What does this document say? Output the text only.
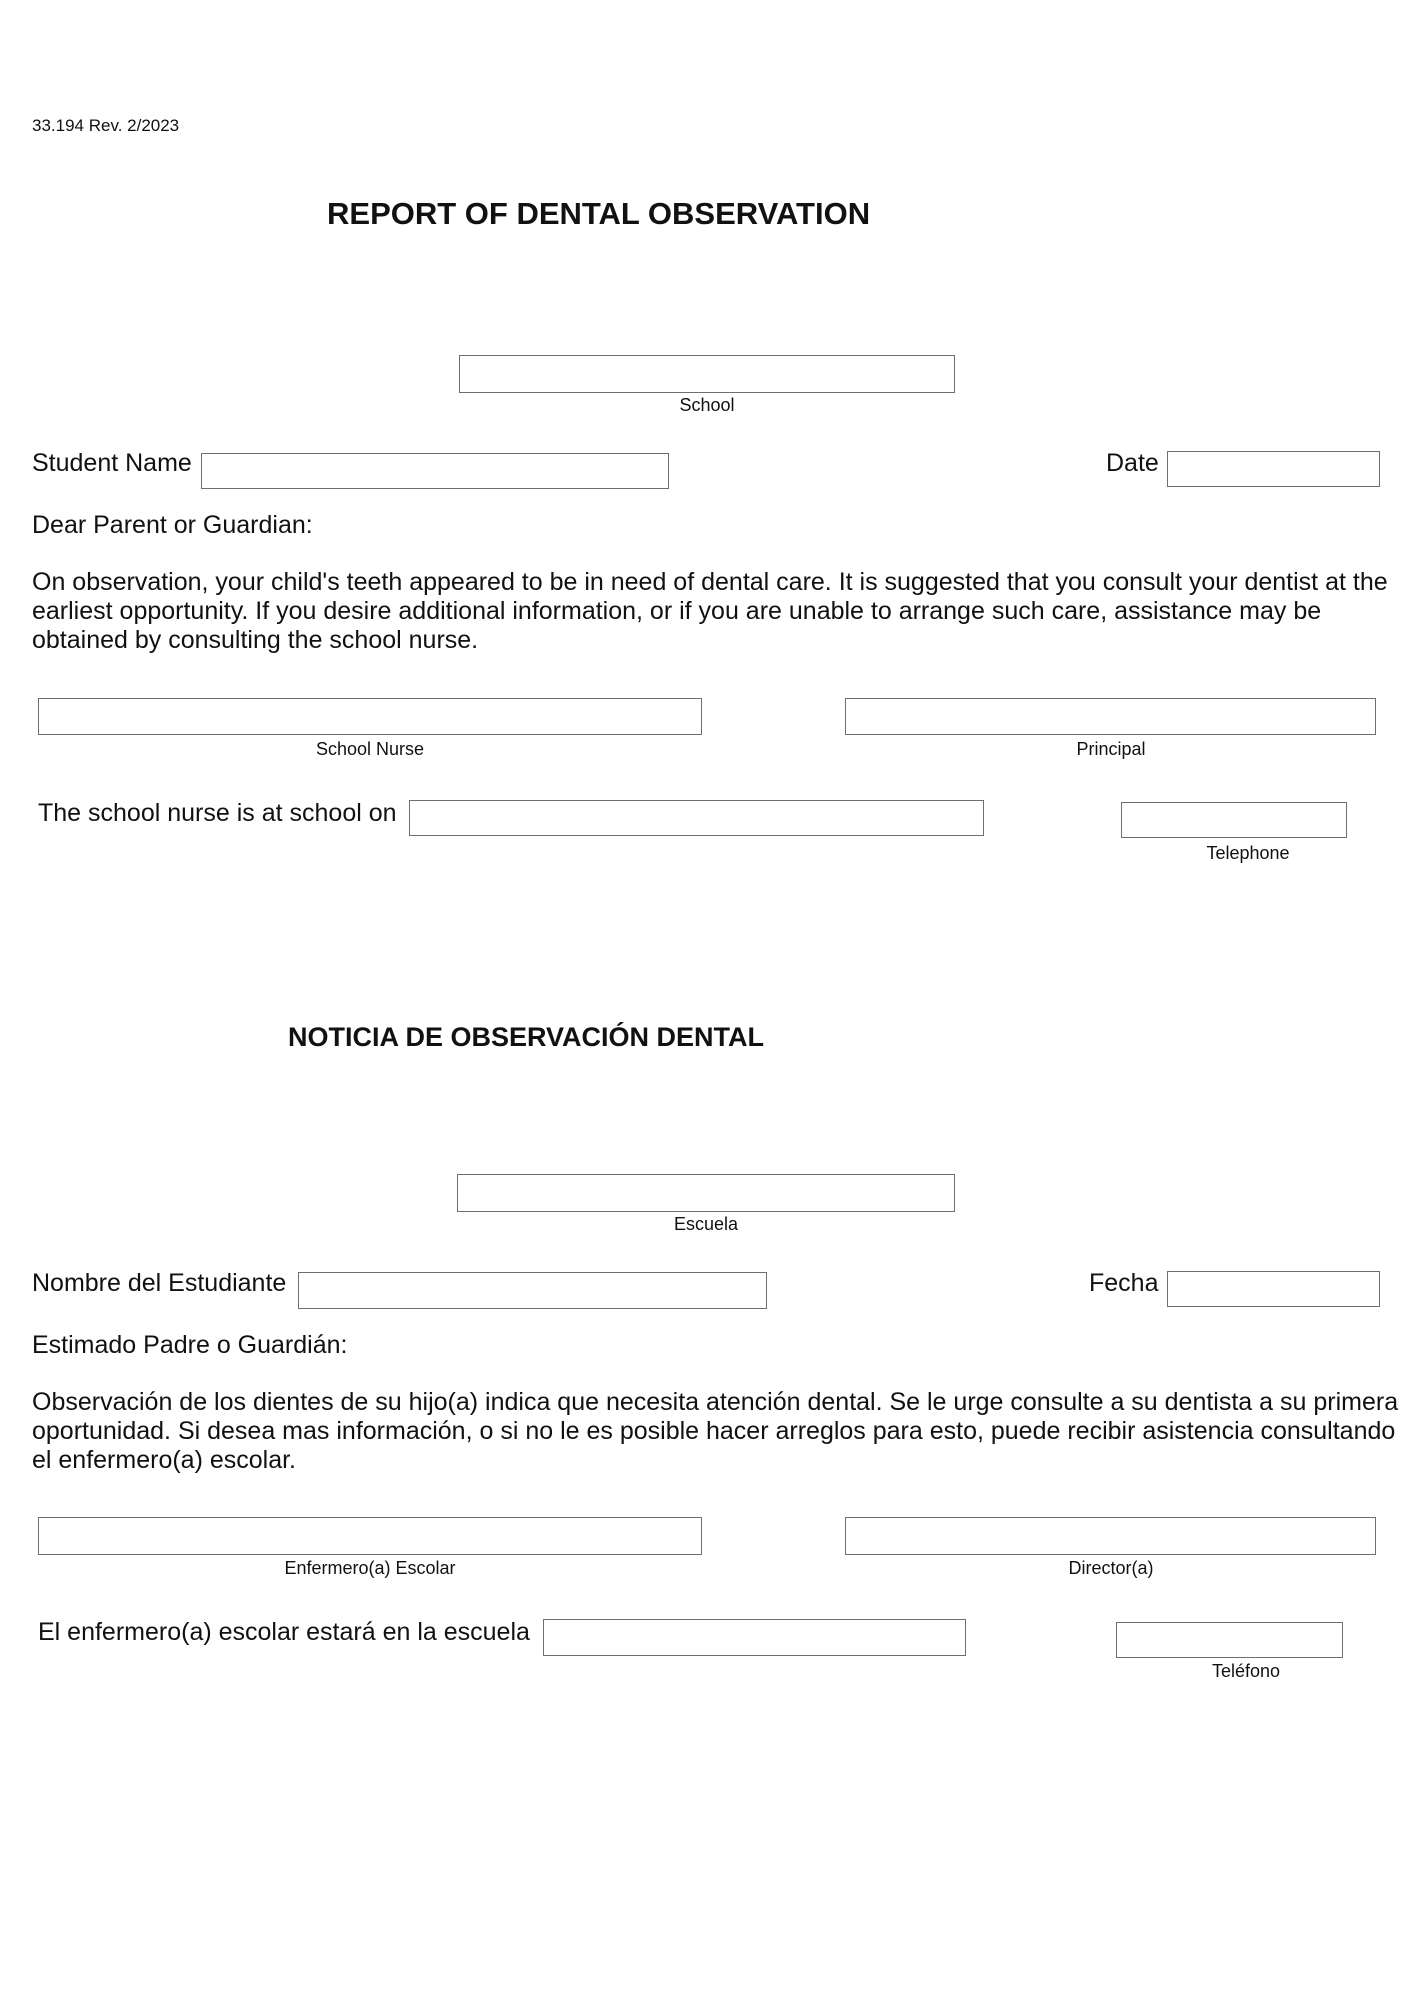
33.194 Rev. 2/2023
REPORT OF DENTAL OBSERVATION
School
Student Name	Date
Dear Parent or Guardian:
On observation, your child's teeth appeared to be in need of dental care. It is suggested that you consult your dentist at the earliest opportunity. If you desire additional information, or if you are unable to arrange such care, assistance may be obtained by consulting the school nurse.
School Nurse	Principal
The school nurse is at school on
Telephone
NOTICIA DE OBSERVACIÓN DENTAL
Escuela
Nombre del Estudiante	Fecha
Estimado Padre o Guardián:
Observación de los dientes de su hijo(a) indica que necesita atención dental. Se le urge consulte a su dentista a su primera oportunidad. Si desea mas información, o si no le es posible hacer arreglos para esto, puede recibir asistencia consultando el enfermero(a) escolar.
Enfermero(a) Escolar	Director(a)
El enfermero(a) escolar estará en la escuela
Teléfono
